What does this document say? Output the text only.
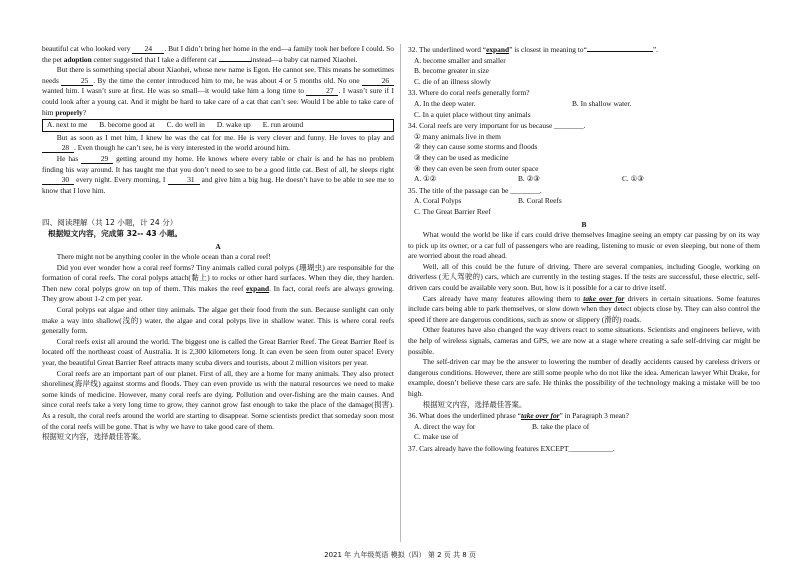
beautiful cat who looked very 24 . But I didn’t bring her home in the end—a family took her before I could. So the pet adoption center suggested that I take a different cat	instead—a baby cat named Xiaohei.

But there is something special about Xiaohei, whose new name is Egon. He cannot see. This means he sometimes needs	25 . By the time the center introduced him to me, he was about 4 or 5 months old. No one	26 wanted him. I wasn’t sure at first. He was so small—it would take him a long time to	27 . I wasn’t sure if I could look after a young cat. And it might be hard to take care of a cat that can’t see. Would I be able to take care of him properly?

A. next to me B. become good at C. do well in D. wake up E. run around

But as soon as I met him, I knew he was the cat for me. He is very clever and funny. He loves to play and 28 . Even though he can’t see, he is very interested in the world around him.

He has	29 getting around my home. He knows where every table or chair is and he has no problem finding his way around. It has taught me that you don’t need to see to be a good little cat. Best of all, he sleeps right 30 every night. Every morning, I	31 and give him a big hug. He doesn’t have to be able to see me to know that I love him.

四、阅读理解（共 12 小题，计 24 分）
根据短文内容，完成第 32-- 43 小题。
A

There might not be anything cooler in the whole ocean than a coral reef!

Did you ever wonder how a coral reef forms? Tiny animals called coral polyps (珊瑚虫) are responsible for the formation of coral reefs. The coral polyps attach(黏上) to rocks or other hard surfaces. When they die, they harden. Then new coral polyps grow on top of them. This makes the reef expand. In fact, coral reefs are always growing. They grow about 1-2 cm per year.

Coral polyps eat algae and other tiny animals. The algae get their food from the sun. Because sunlight can only make a way into shallow(浅的) water, the algae and coral polyps live in shallow water. This is where coral reefs generally form.

Coral reefs exist all around the world. The biggest one is called the Great Barrier Reef. The Great Barrier Reef is located off the northeast coast of Australia. It is 2,300 kilometers long. It can even be seen from outer space! Every year, the beautiful Great Barrier Reef attracts many scuba divers and tourists, about 2 million visitors per year.

Coral reefs are an important part of our planet. First of all, they are a home for many animals. They also protect shorelines(海岸线) against storms and floods. They can even provide us with the natural resources we need to make some kinds of medicine. However, many coral reefs are dying. Pollution and over-fishing are the main causes. And since coral reefs take a very long time to grow, they cannot grow fast enough to take the place of the damage(损害). As a result, the coral reefs around the world are starting to disappear. Some scientists predict that someday soon most of the coral reefs will be gone. That is why we have to take good care of them.

根据短文内容，选择最佳答案。

32. The underlined word “expand” is closest in meaning to“	”.
A. become smaller and smaller
B. become greater in size
C. die of an illness slowly
33. Where do coral reefs generally form?
A. In the deep water.	B. In shallow water.
C. In a quiet place without tiny animals
34. Coral reefs are very important for us because ________.
① many animals live in them
② they can cause some storms and floods
③ they can be used as medicine
④ they can even be seen from outer space
A. ①②	B. ②③	C. ①③
35. The title of the passage can be ________.
A. Coral Polyps	B. Coral Reefs
C. The Great Barrier Reef
B

What would the world be like if cars could drive themselves Imagine seeing an empty car passing by on its way to pick up its owner, or a car full of passengers who are reading, listening to music or even sleeping, but none of them are worried about the road ahead.

Well, all of this could be the future of driving. There are several companies, including Google, working on driverless (无人驾驶的) cars, which are currently in the testing stages. If the tests are successful, these electric, self-driven cars could be available very soon. But, how is it possible for a car to drive itself.

Cars already have many features allowing them to take over for drivers in certain situations. Some features include cars being able to park themselves, or slow down when they detect objects close by. They can also control the speed if there are dangerous conditions, such as snow or slippery (滑的) roads.

Other features have also changed the way drivers react to some situations. Scientists and engineers believe, with the help of wireless signals, cameras and GPS, we are now at a stage where creating a safe self-driving car might be possible.

The self-driven car may be the answer to lowering the number of deadly accidents caused by careless drivers or dangerous conditions. However, there are still some people who do not like the idea. American lawyer Whit Drake, for example, doesn’t believe these cars are safe. He thinks the possibility of the technology making a mistake will be too high.

根据短文内容，选择最佳答案。

36. What does the underlined phrase “take over for” in Paragraph 3 mean?
A. direct the way for	B. take the place of
C. make use of
37. Cars already have the following features EXCEPT____________.
2021 年 九年级英语 模拟（四） 第 2 页 共 8 页
